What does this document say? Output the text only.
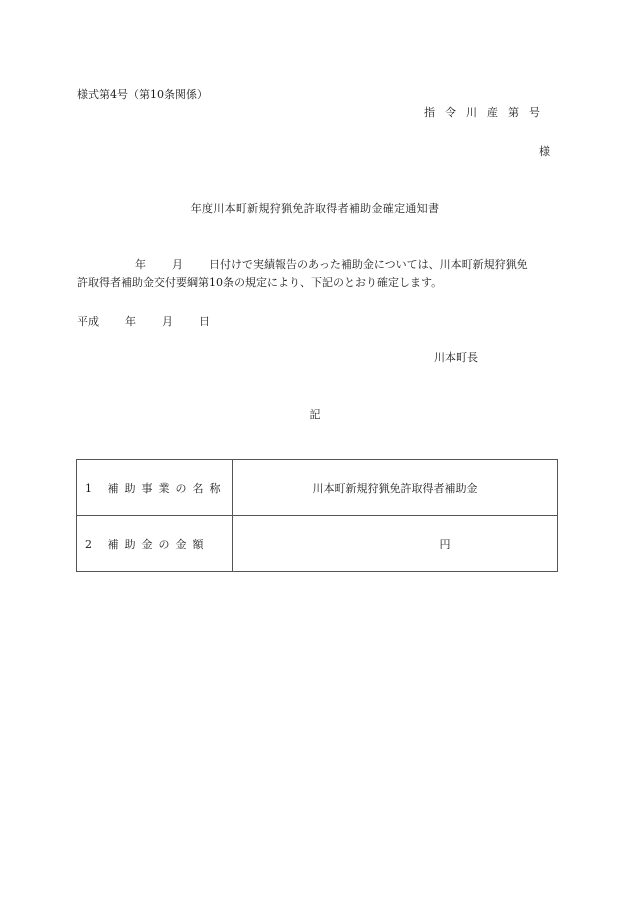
様式第4号（第10条関係）
指令川産第号
様
年度川本町新規狩猟免許取得者補助金確定通知書
年 月 日付けで実績報告のあった補助金については、川本町新規狩猟免
許取得者補助金交付要綱第10条の規定により、下記のとおり確定します。
平成 年 月 日
川本町長
記
1 補助事業の名称	川本町新規狩猟免許取得者補助金
2 補助金の金額	円
